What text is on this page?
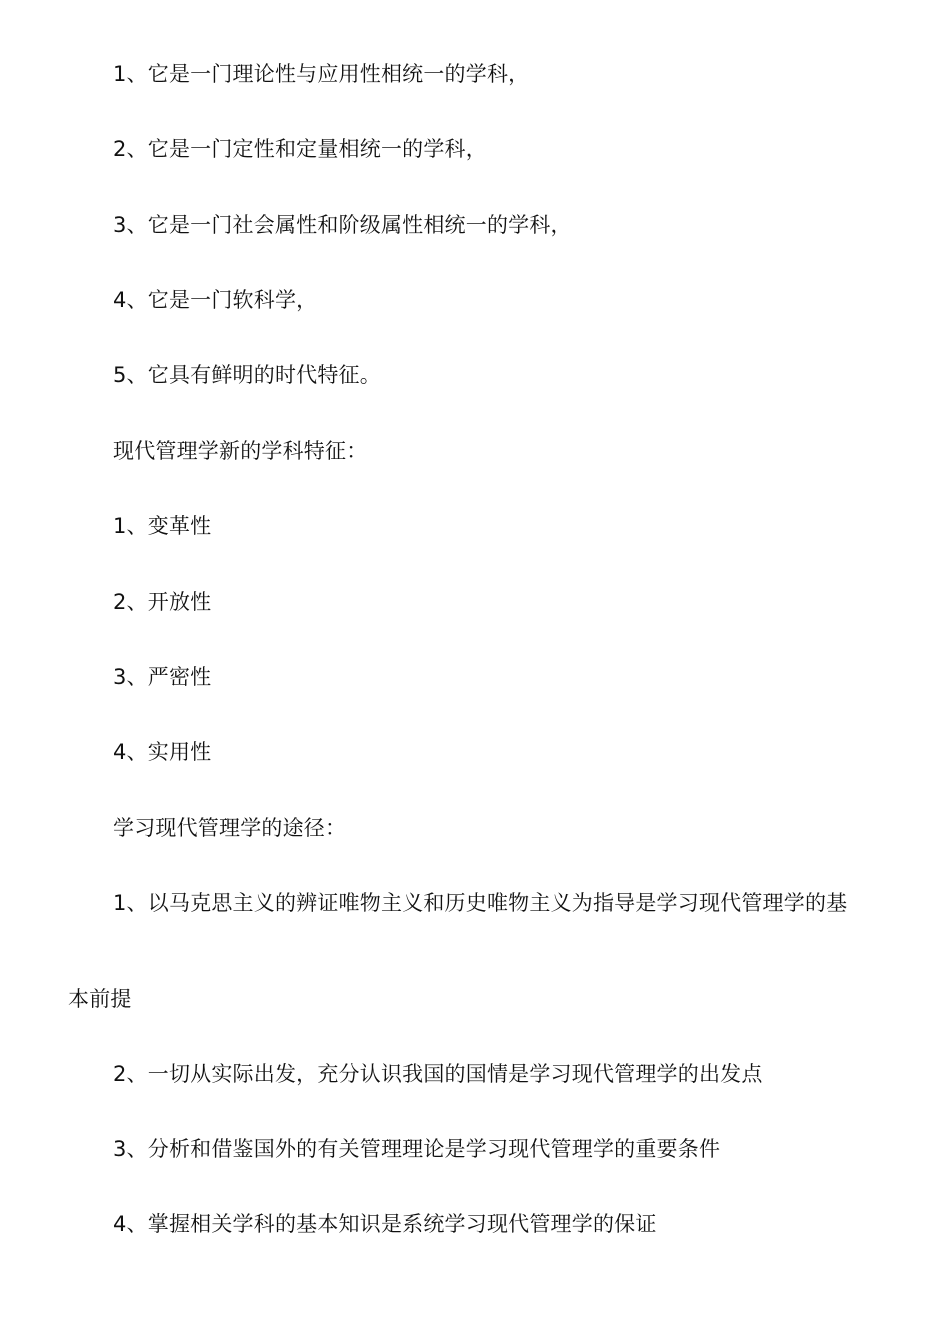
1、它是一门理论性与应用性相统一的学科，
2、它是一门定性和定量相统一的学科，
3、它是一门社会属性和阶级属性相统一的学科，
4、它是一门软科学，
5、它具有鲜明的时代特征。
现代管理学新的学科特征：
1、变革性
2、开放性
3、严密性
4、实用性
学习现代管理学的途径：
1、以马克思主义的辨证唯物主义和历史唯物主义为指导是学习现代管理学的基
本前提
2、一切从实际出发，充分认识我国的国情是学习现代管理学的出发点
3、分析和借鉴国外的有关管理理论是学习现代管理学的重要条件
4、掌握相关学科的基本知识是系统学习现代管理学的保证
